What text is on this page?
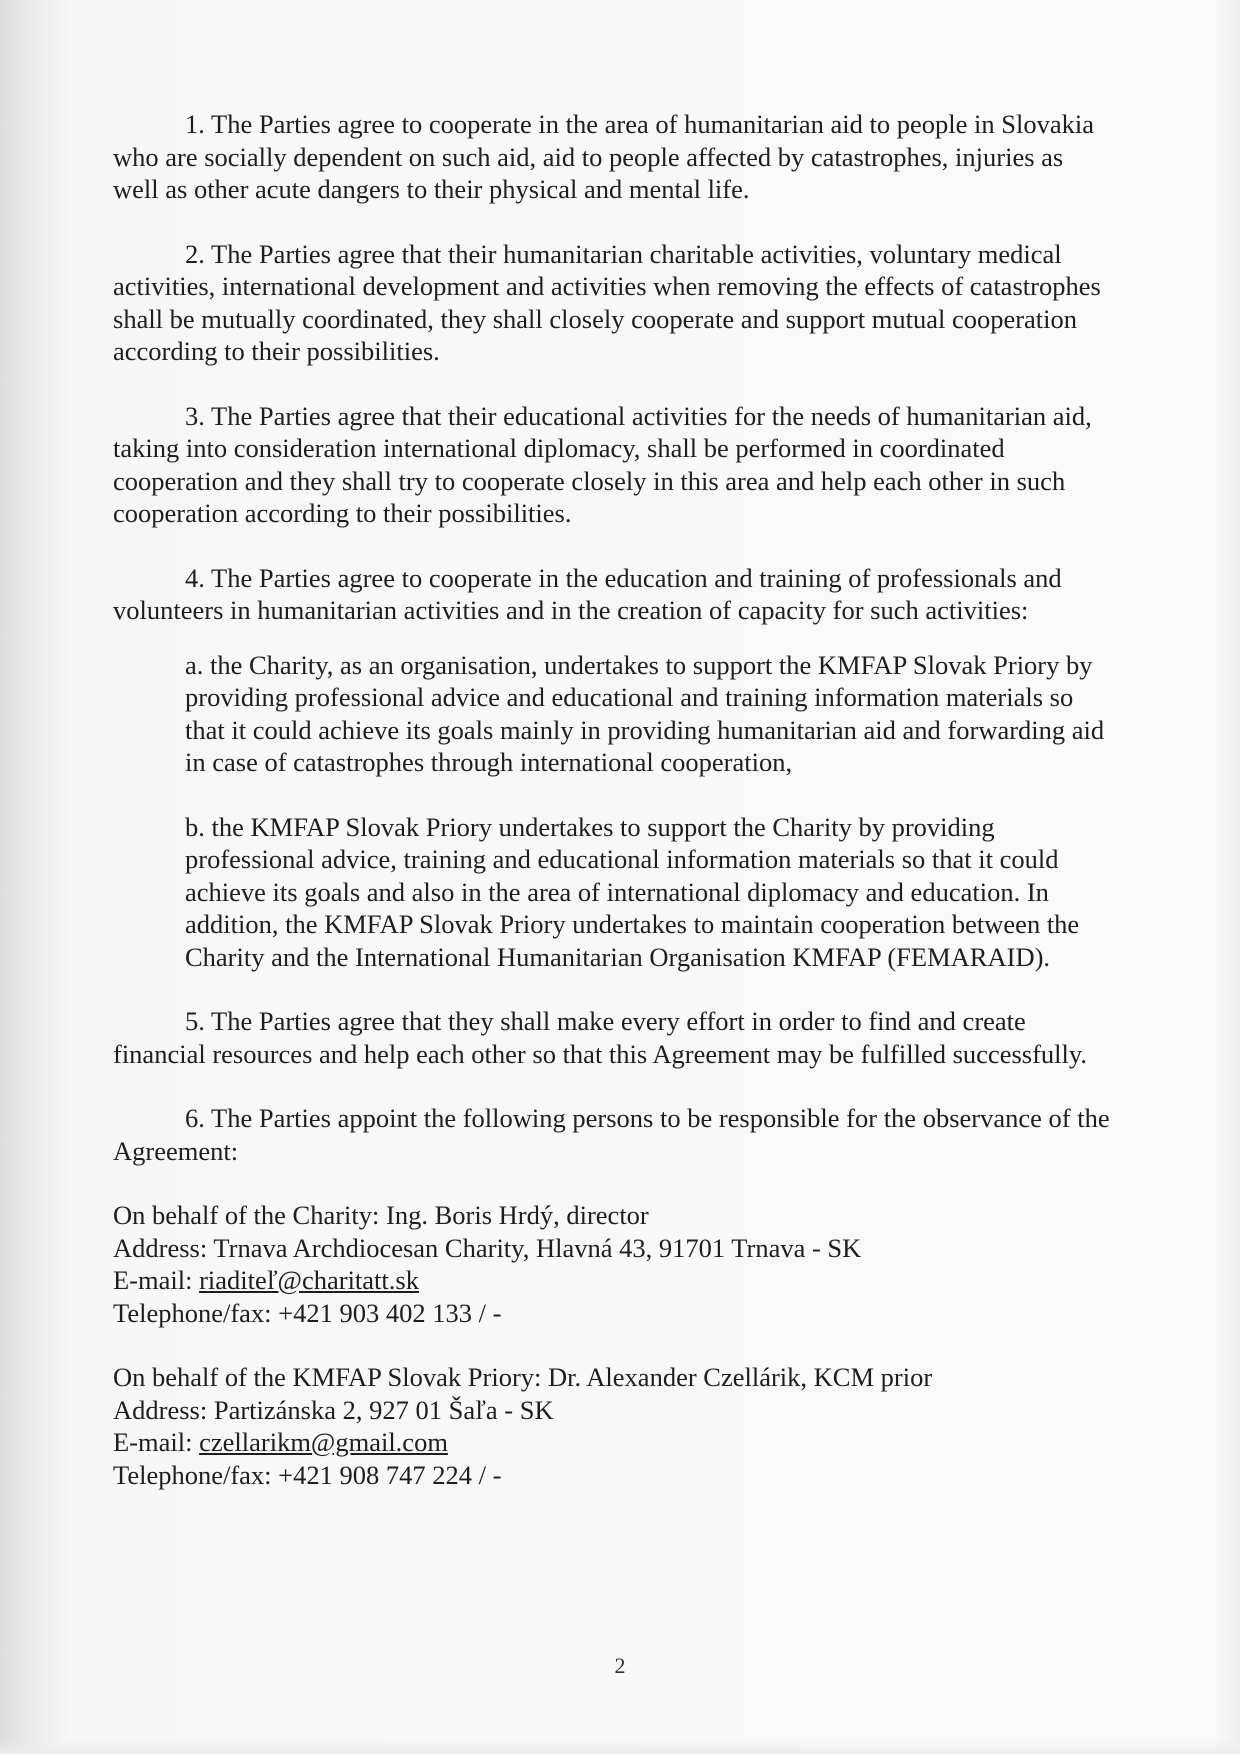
1. The Parties agree to cooperate in the area of humanitarian aid to people in Slovakia who are socially dependent on such aid, aid to people affected by catastrophes, injuries as well as other acute dangers to their physical and mental life.

2. The Parties agree that their humanitarian charitable activities, voluntary medical activities, international development and activities when removing the effects of catastrophes shall be mutually coordinated, they shall closely cooperate and support mutual cooperation according to their possibilities.

3. The Parties agree that their educational activities for the needs of humanitarian aid, taking into consideration international diplomacy, shall be performed in coordinated cooperation and they shall try to cooperate closely in this area and help each other in such cooperation according to their possibilities.

4. The Parties agree to cooperate in the education and training of professionals and volunteers in humanitarian activities and in the creation of capacity for such activities:

a. the Charity, as an organisation, undertakes to support the KMFAP Slovak Priory by providing professional advice and educational and training information materials so that it could achieve its goals mainly in providing humanitarian aid and forwarding aid in case of catastrophes through international cooperation,

b. the KMFAP Slovak Priory undertakes to support the Charity by providing professional advice, training and educational information materials so that it could achieve its goals and also in the area of international diplomacy and education. In addition, the KMFAP Slovak Priory undertakes to maintain cooperation between the Charity and the International Humanitarian Organisation KMFAP (FEMARAID).

5. The Parties agree that they shall make every effort in order to find and create financial resources and help each other so that this Agreement may be fulfilled successfully.

6. The Parties appoint the following persons to be responsible for the observance of the Agreement:

On behalf of the Charity: Ing. Boris Hrdý, director

Address: Trnava Archdiocesan Charity, Hlavná 43, 91701 Trnava - SK

E-mail: riaditeľ@charitatt.sk

Telephone/fax: +421 903 402 133 / -

On behalf of the KMFAP Slovak Priory: Dr. Alexander Czellárik, KCM prior

Address: Partizánska 2, 927 01 Šaľa - SK

E-mail: czellarikm@gmail.com

Telephone/fax: +421 908 747 224 / -

2
